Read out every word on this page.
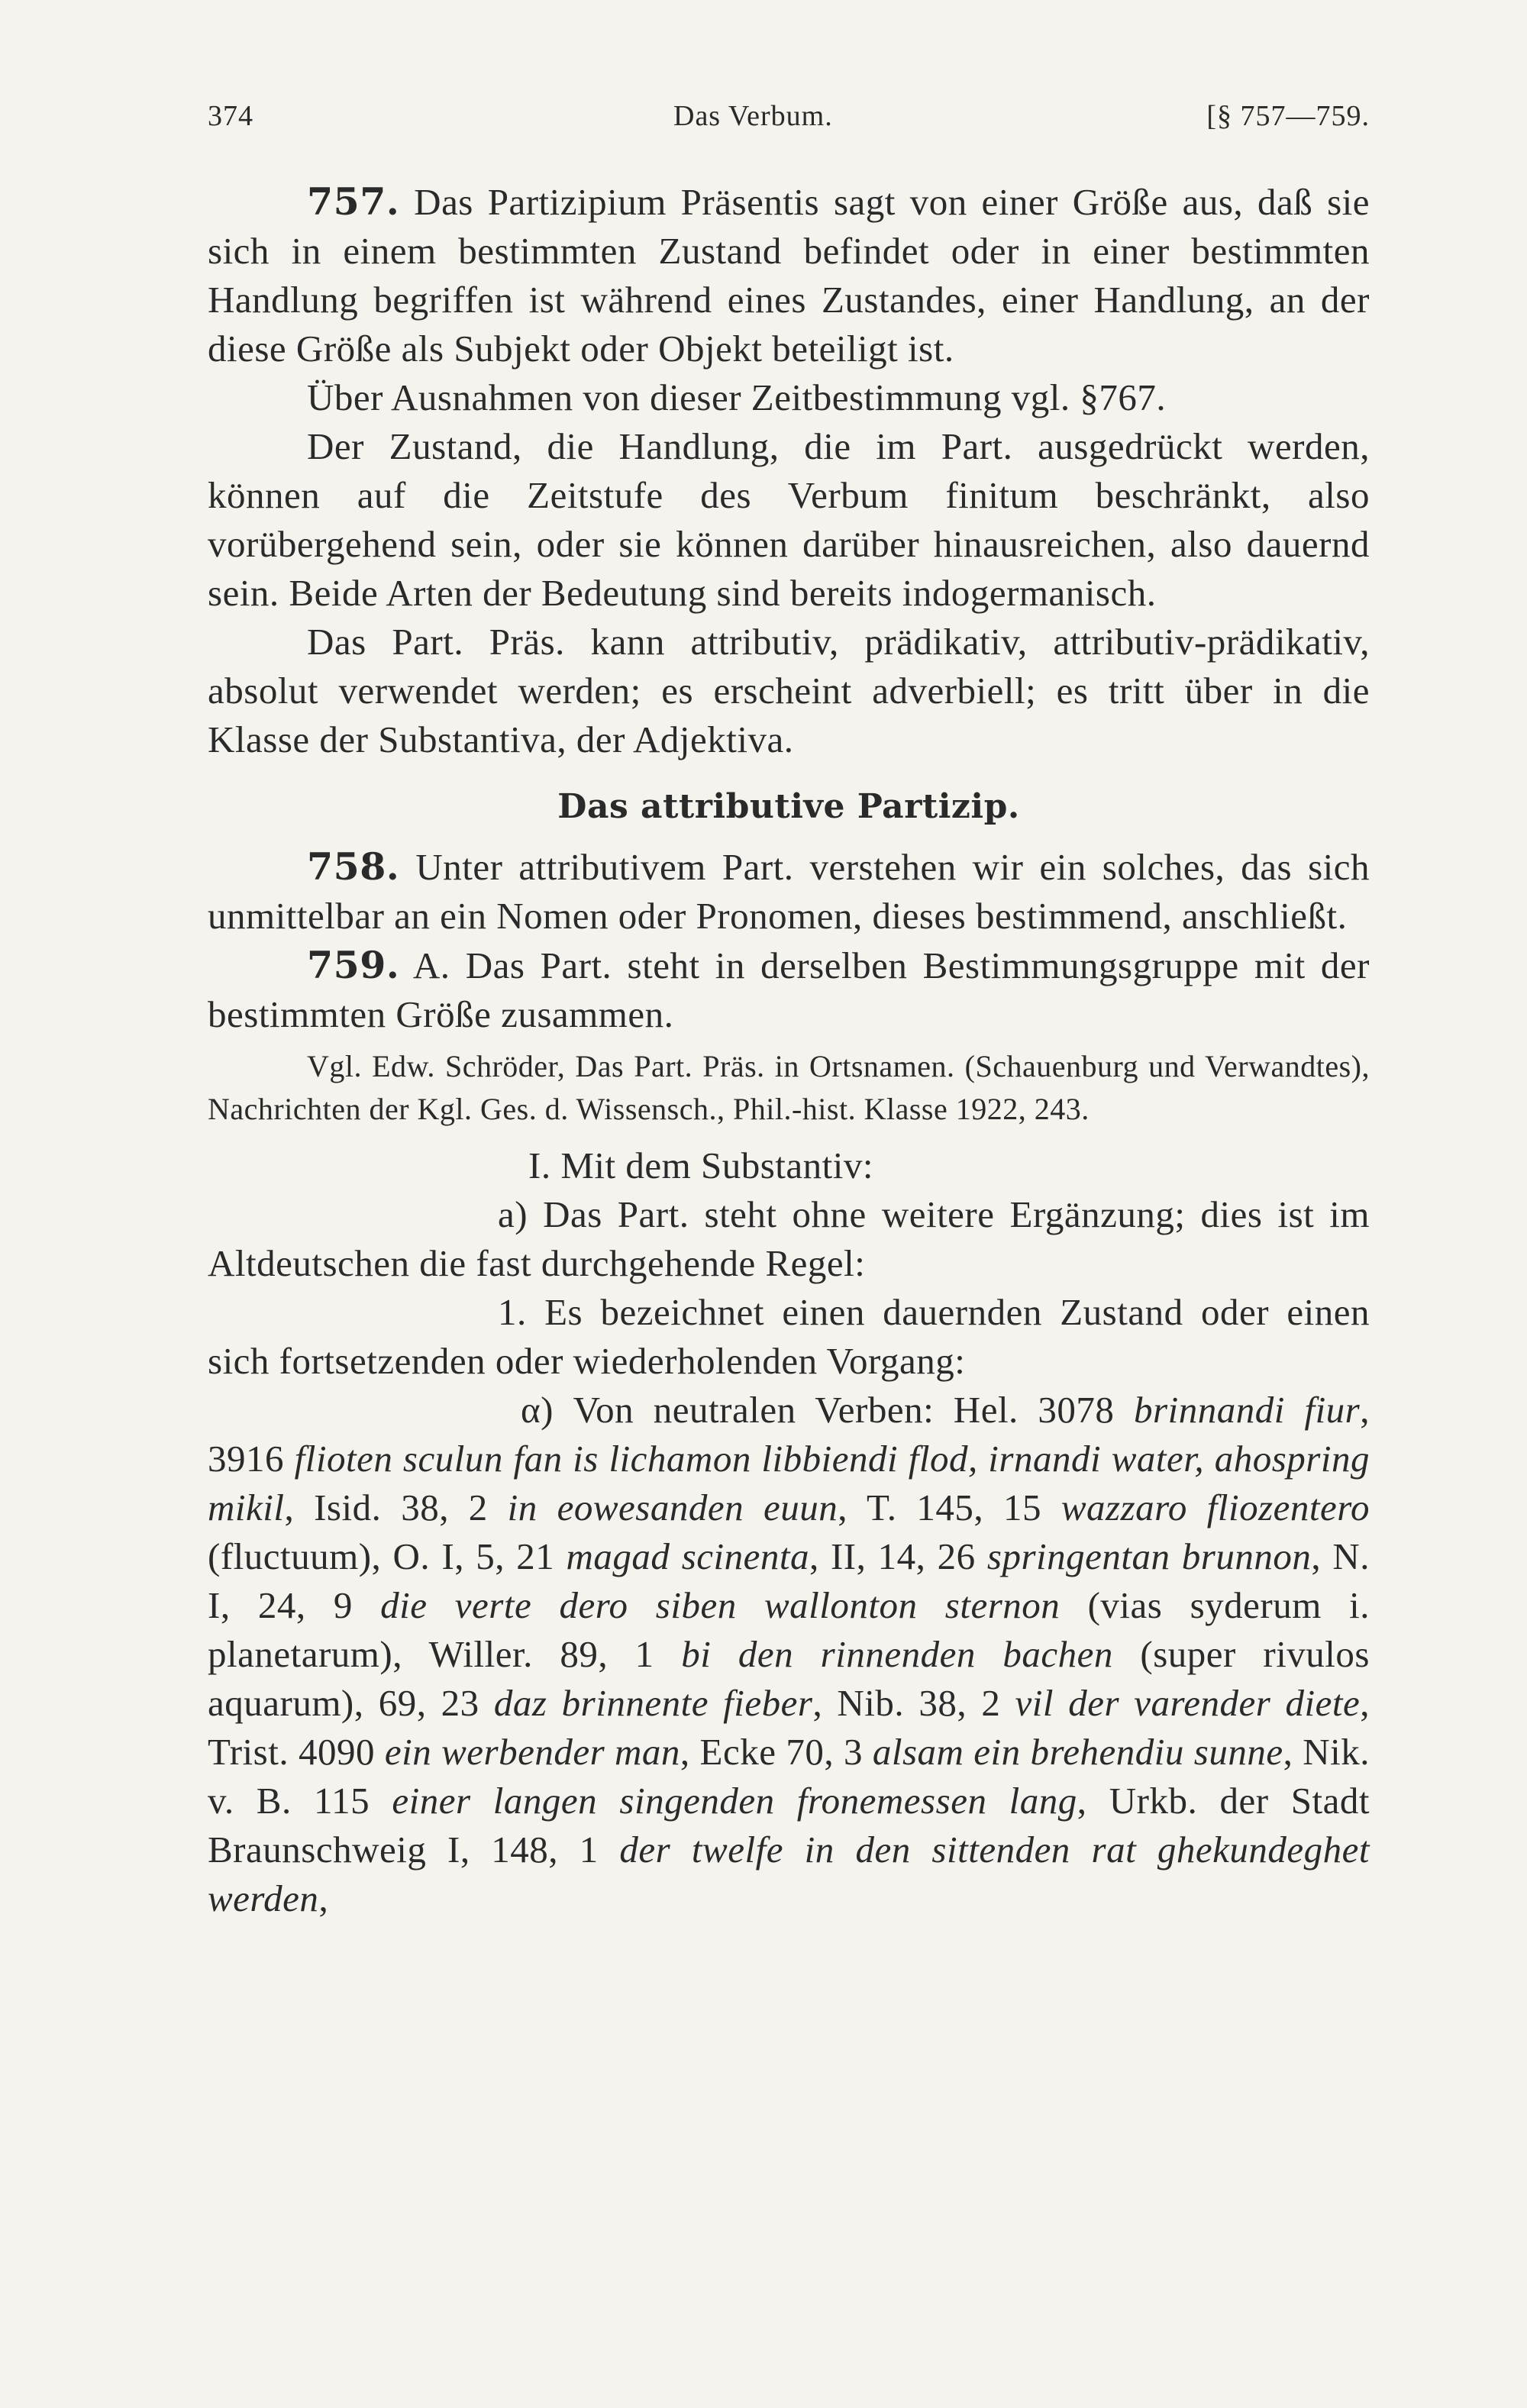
374	Das Verbum.	[§ 757—759.

757. Das Partizipium Präsentis sagt von einer Größe aus, daß sie sich in einem bestimmten Zustand befindet oder in einer bestimmten Handlung begriffen ist während eines Zustandes, einer Handlung, an der diese Größe als Subjekt oder Objekt beteiligt ist.

Über Ausnahmen von dieser Zeitbestimmung vgl. §767.

Der Zustand, die Handlung, die im Part. ausgedrückt werden, können auf die Zeitstufe des Verbum finitum beschränkt, also vorübergehend sein, oder sie können darüber hinausreichen, also dauernd sein. Beide Arten der Bedeutung sind bereits indogermanisch.

Das Part. Präs. kann attributiv, prädikativ, attributiv-prädikativ, absolut verwendet werden; es erscheint adverbiell; es tritt über in die Klasse der Substantiva, der Adjektiva.

Das attributive Partizip.

758. Unter attributivem Part. verstehen wir ein solches, das sich unmittelbar an ein Nomen oder Pronomen, dieses bestimmend, anschließt.

759. A. Das Part. steht in derselben Bestimmungsgruppe mit der bestimmten Größe zusammen.

Vgl. Edw. Schröder, Das Part. Präs. in Ortsnamen. (Schauenburg und Verwandtes), Nachrichten der Kgl. Ges. d. Wissensch., Phil.-hist. Klasse 1922, 243.

I. Mit dem Substantiv:

a) Das Part. steht ohne weitere Ergänzung; dies ist im Altdeutschen die fast durchgehende Regel:

1. Es bezeichnet einen dauernden Zustand oder einen sich fortsetzenden oder wiederholenden Vorgang:

α) Von neutralen Verben: Hel. 3078 brinnandi fiur, 3916 flioten sculun fan is lichamon libbiendi flod, irnandi water, ahospring mikil, Isid. 38, 2 in eowesanden euun, T. 145, 15 wazzaro fliozentero (fluctuum), O. I, 5, 21 magad scinenta, II, 14, 26 springentan brunnon, N. I, 24, 9 die verte dero siben wallonton sternon (vias syderum i. planetarum), Willer. 89, 1 bi den rinnenden bachen (super rivulos aquarum), 69, 23 daz brinnente fieber, Nib. 38, 2 vil der varender diete, Trist. 4090 ein werbender man, Ecke 70, 3 alsam ein brehendiu sunne, Nik. v. B. 115 einer langen singenden fronemessen lang, Urkb. der Stadt Braunschweig I, 148, 1 der twelfe in den sittenden rat ghekundeghet werden,
